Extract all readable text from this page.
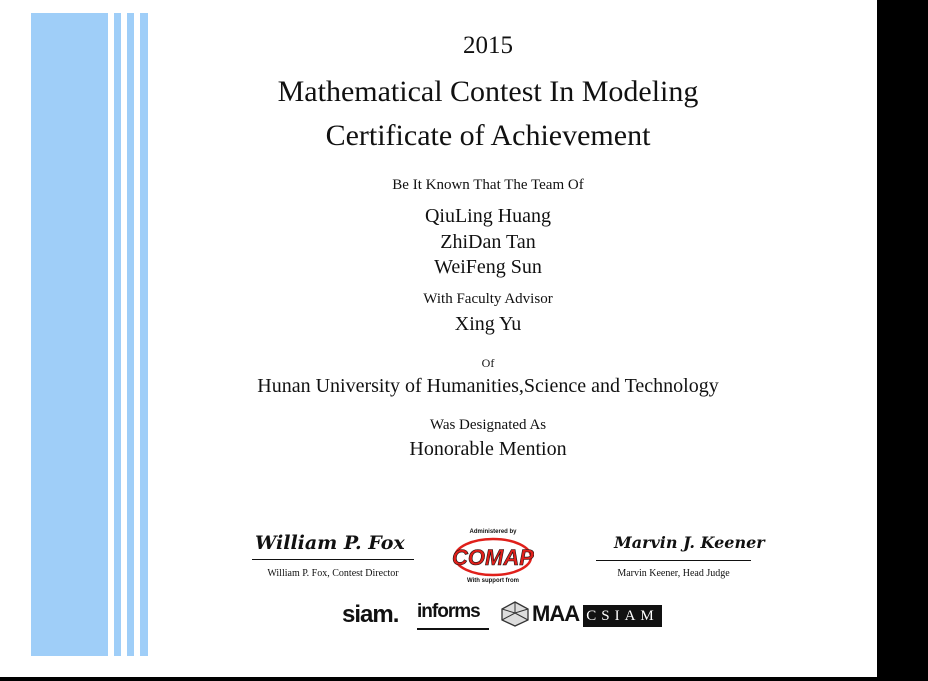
2015
Mathematical Contest In Modeling
Certificate of Achievement
Be It Known That The Team Of
QiuLing Huang
ZhiDan Tan
WeiFeng Sun
With Faculty Advisor
Xing Yu
Of
Hunan University of Humanities,Science and Technology
Was Designated As
Honorable Mention
William P. Fox
William P. Fox, Contest Director
Administered by
COMAP
With support from
Marvin J. Keener
Marvin Keener, Head Judge
siam. informs	MAA CSIAM
